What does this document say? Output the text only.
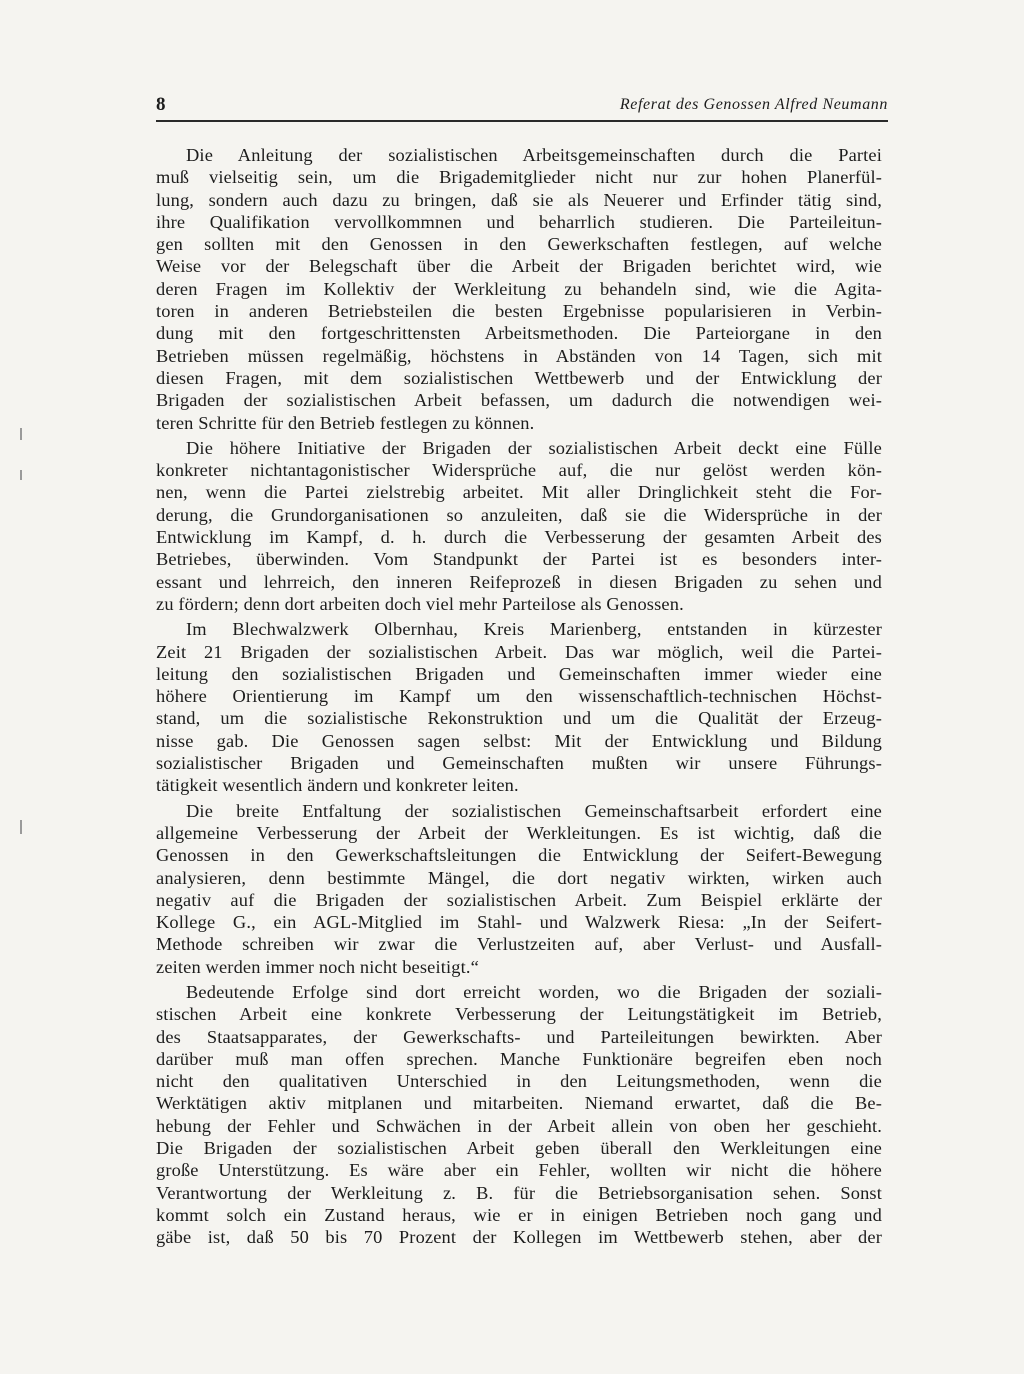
8	Referat des Genossen Alfred Neumann
Die Anleitung der sozialistischen Arbeitsgemeinschaften durch die Partei
muß vielseitig sein, um die Brigademitglieder nicht nur zur hohen Planerfül-
lung, sondern auch dazu zu bringen, daß sie als Neuerer und Erfinder tätig sind,
ihre Qualifikation vervollkommnen und beharrlich studieren. Die Parteileitun-
gen sollten mit den Genossen in den Gewerkschaften festlegen, auf welche
Weise vor der Belegschaft über die Arbeit der Brigaden berichtet wird, wie
deren Fragen im Kollektiv der Werkleitung zu behandeln sind, wie die Agita-
toren in anderen Betriebsteilen die besten Ergebnisse popularisieren in Verbin-
dung mit den fortgeschrittensten Arbeitsmethoden. Die Parteiorgane in den
Betrieben müssen regelmäßig, höchstens in Abständen von 14 Tagen, sich mit
diesen Fragen, mit dem sozialistischen Wettbewerb und der Entwicklung der
Brigaden der sozialistischen Arbeit befassen, um dadurch die notwendigen wei-
teren Schritte für den Betrieb festlegen zu können.
Die höhere Initiative der Brigaden der sozialistischen Arbeit deckt eine Fülle
konkreter nichtantagonistischer Widersprüche auf, die nur gelöst werden kön-
nen, wenn die Partei zielstrebig arbeitet. Mit aller Dringlichkeit steht die For-
derung, die Grundorganisationen so anzuleiten, daß sie die Widersprüche in der
Entwicklung im Kampf, d. h. durch die Verbesserung der gesamten Arbeit des
Betriebes, überwinden. Vom Standpunkt der Partei ist es besonders inter-
essant und lehrreich, den inneren Reifeprozeß in diesen Brigaden zu sehen und
zu fördern; denn dort arbeiten doch viel mehr Parteilose als Genossen.
Im Blechwalzwerk Olbernhau, Kreis Marienberg, entstanden in kürzester
Zeit 21 Brigaden der sozialistischen Arbeit. Das war möglich, weil die Partei-
leitung den sozialistischen Brigaden und Gemeinschaften immer wieder eine
höhere Orientierung im Kampf um den wissenschaftlich-technischen Höchst-
stand, um die sozialistische Rekonstruktion und um die Qualität der Erzeug-
nisse gab. Die Genossen sagen selbst: Mit der Entwicklung und Bildung
sozialistischer Brigaden und Gemeinschaften mußten wir unsere Führungs-
tätigkeit wesentlich ändern und konkreter leiten.
Die breite Entfaltung der sozialistischen Gemeinschaftsarbeit erfordert eine
allgemeine Verbesserung der Arbeit der Werkleitungen. Es ist wichtig, daß die
Genossen in den Gewerkschaftsleitungen die Entwicklung der Seifert-Bewegung
analysieren, denn bestimmte Mängel, die dort negativ wirkten, wirken auch
negativ auf die Brigaden der sozialistischen Arbeit. Zum Beispiel erklärte der
Kollege G., ein AGL-Mitglied im Stahl- und Walzwerk Riesa: „In der Seifert-
Methode schreiben wir zwar die Verlustzeiten auf, aber Verlust- und Ausfall-
zeiten werden immer noch nicht beseitigt.“
Bedeutende Erfolge sind dort erreicht worden, wo die Brigaden der soziali-
stischen Arbeit eine konkrete Verbesserung der Leitungstätigkeit im Betrieb,
des Staatsapparates, der Gewerkschafts- und Parteileitungen bewirkten. Aber
darüber muß man offen sprechen. Manche Funktionäre begreifen eben noch
nicht den qualitativen Unterschied in den Leitungsmethoden, wenn die
Werktätigen aktiv mitplanen und mitarbeiten. Niemand erwartet, daß die Be-
hebung der Fehler und Schwächen in der Arbeit allein von oben her geschieht.
Die Brigaden der sozialistischen Arbeit geben überall den Werkleitungen eine
große Unterstützung. Es wäre aber ein Fehler, wollten wir nicht die höhere
Verantwortung der Werkleitung z. B. für die Betriebsorganisation sehen. Sonst
kommt solch ein Zustand heraus, wie er in einigen Betrieben noch gang und
gäbe ist, daß 50 bis 70 Prozent der Kollegen im Wettbewerb stehen, aber der
